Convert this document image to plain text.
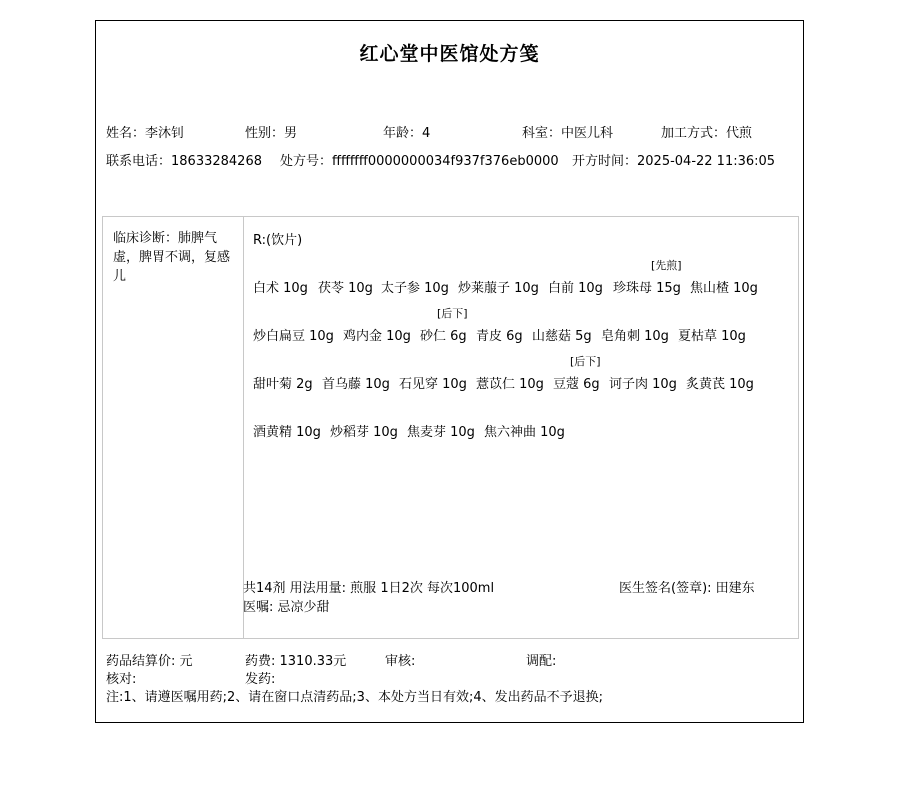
红心堂中医馆处方笺
姓名：李沐钊	性别：男	年龄：4	科室：中医儿科	加工方式：代煎
联系电话：18633284268 处方号：ffffffff0000000034f937f376eb0000 开方时间：2025-04-22 11:36:05
临床诊断：肺脾气虚，脾胃不调，复感儿
R:(饮片)
白术 10g 茯苓 10g 太子参 10g 炒莱菔子 10g 白前 10g
[先煎]
珍珠母 15g 焦山楂 10g
炒白扁豆 10g 鸡内金 10g
[后下]
砂仁 6g 青皮 6g 山慈菇 5g 皂角刺 10g 夏枯草 10g
甜叶菊 2g 首乌藤 10g 石见穿 10g 薏苡仁 10g
[后下]
豆蔻 6g 诃子肉 10g 炙黄芪 10g
酒黄精 10g 炒稻芽 10g 焦麦芽 10g 焦六神曲 10g
共14剂 用法用量: 煎服 1日2次 每次100ml	医生签名(签章): 田建东
医嘱: 忌凉少甜
药品结算价: 元	药费: 1310.33元	审核:	调配:
核对:	发药:
注:1、请遵医嘱用药;2、请在窗口点清药品;3、本处方当日有效;4、发出药品不予退换;
